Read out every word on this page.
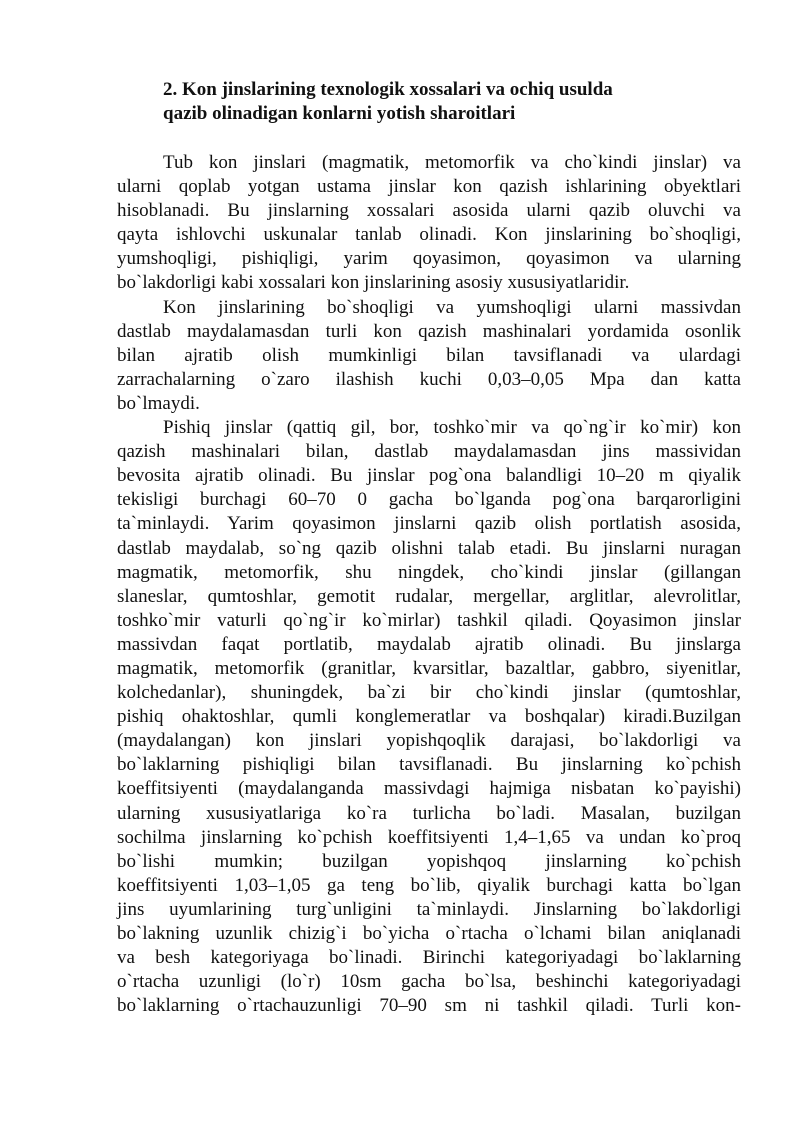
2. Kon jinslarining texnologik xossalari va ochiq usulda
qazib olinadigan konlarni yotish sharoitlari
Tub kon jinslari (magmatik, metomorfik va cho`kindi jinslar) va
ularni qoplab yotgan ustama jinslar kon qazish ishlarining obyektlari
hisoblanadi. Bu jinslarning xossalari asosida ularni qazib oluvchi va
qayta ishlovchi uskunalar tanlab olinadi. Kon jinslarining bo`shoqligi,
yumshoqligi, pishiqligi, yarim qoyasimon, qoyasimon va ularning
bo`lakdorligi kabi xossalari kon jinslarining asosiy xususiyatlaridir.
Kon jinslarining bo`shoqligi va yumshoqligi ularni massivdan
dastlab maydalamasdan turli kon qazish mashinalari yordamida osonlik
bilan ajratib olish mumkinligi bilan tavsiflanadi va ulardagi
zarrachalarning o`zaro ilashish kuchi 0,03–0,05 Mpa dan katta
bo`lmaydi.
Pishiq jinslar (qattiq gil, bor, toshko`mir va qo`ng`ir ko`mir) kon
qazish mashinalari bilan, dastlab maydalamasdan jins massividan
bevosita ajratib olinadi. Bu jinslar pog`ona balandligi 10–20 m qiyalik
tekisligi burchagi 60–70 0 gacha bo`lganda pog`ona barqarorligini
ta`minlaydi. Yarim qoyasimon jinslarni qazib olish portlatish asosida,
dastlab maydalab, so`ng qazib olishni talab etadi. Bu jinslarni nuragan
magmatik, metomorfik, shu ningdek, cho`kindi jinslar (gillangan
slaneslar, qumtoshlar, gemotit rudalar, mergellar, arglitlar, alevrolitlar,
toshko`mir vaturli qo`ng`ir ko`mirlar) tashkil qiladi. Qoyasimon jinslar
massivdan faqat portlatib, maydalab ajratib olinadi. Bu jinslarga
magmatik, metomorfik (granitlar, kvarsitlar, bazaltlar, gabbro, siyenitlar,
kolchedanlar), shuningdek, ba`zi bir cho`kindi jinslar (qumtoshlar,
pishiq ohaktoshlar, qumli konglemeratlar va boshqalar) kiradi.Buzilgan
(maydalangan) kon jinslari yopishqoqlik darajasi, bo`lakdorligi va
bo`laklarning pishiqligi bilan tavsiflanadi. Bu jinslarning ko`pchish
koeffitsiyenti (maydalanganda massivdagi hajmiga nisbatan ko`payishi)
ularning xususiyatlariga ko`ra turlicha bo`ladi. Masalan, buzilgan
sochilma jinslarning ko`pchish koeffitsiyenti 1,4–1,65 va undan ko`proq
bo`lishi mumkin; buzilgan yopishqoq jinslarning ko`pchish
koeffitsiyenti 1,03–1,05 ga teng bo`lib, qiyalik burchagi katta bo`lgan
jins uyumlarining turg`unligini ta`minlaydi. Jinslarning bo`lakdorligi
bo`lakning uzunlik chizig`i bo`yicha o`rtacha o`lchami bilan aniqlanadi
va besh kategoriyaga bo`linadi. Birinchi kategoriyadagi bo`laklarning
o`rtacha uzunligi (lo`r) 10sm gacha bo`lsa, beshinchi kategoriyadagi
bo`laklarning o`rtachauzunligi 70–90 sm ni tashkil qiladi. Turli kon-
